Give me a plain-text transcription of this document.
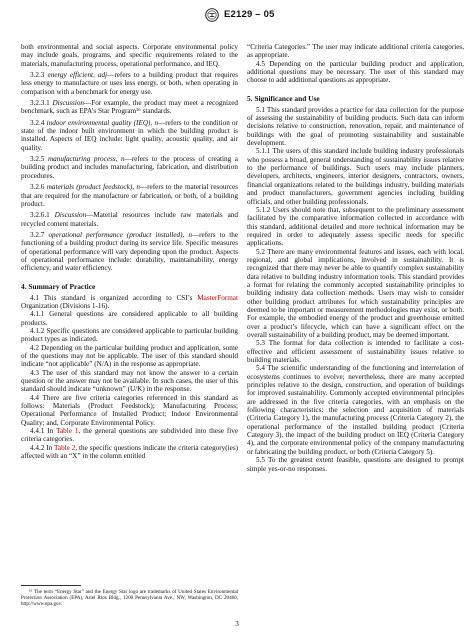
E2129 – 05

both environmental and social aspects. Corporate environmental policy may include goals, programs, and specific requirements related to the materials, manufacturing process, operational performance, and IEQ.

3.2.3 energy efficient, adj—refers to a building product that requires less energy to manufacture or uses less energy, or both, when operating in comparison with a benchmark for energy use.

3.2.3.1 Discussion—For example, the product may meet a recognized benchmark, such as EPA’s Star Program¹⁶ standards.

3.2.4 indoor environmental quality (IEQ), n—refers to the condition or state of the indoor built environment in which the building product is installed. Aspects of IEQ include: light quality, acoustic quality, and air quality.

3.2.5 manufacturing process, n—refers to the process of creating a building product and includes manufacturing, fabrication, and distribution procedures.

3.2.6 materials (product feedstock), n—refers to the material resources that are required for the manufacture or fabrication, or both, of a building product.

3.2.6.1 Discussion—Material resources include raw materials and recycled content materials.

3.2.7 operational performance (product installed), n—refers to the functioning of a building product during its service life. Specific measures of operational performance will vary depending upon the product. Aspects of operational performance include: durability, maintainability, energy efficiency, and water efficiency.

4. Summary of Practice

4.1 This standard is organized according to CSI’s MasterFormat Organization (Divisions 1-16).

4.1.1 General questions are considered applicable to all building products.

4.1.2 Specific questions are considered applicable to particular building product types as indicated.

4.2 Depending on the particular building product and application, some of the questions may not be applicable. The user of this standard should indicate “not applicable” (N/A) in the response as appropriate.

4.3 The user of this standard may not know the answer to a certain question or the answer may not be available. In such cases, the user of this standard should indicate “unknown” (U/K) in the response.

4.4 There are five criteria categories referenced in this standard as follows: Materials (Product Feedstock); Manufacturing Process; Operational Performance of Installed Product; Indoor Environmental Quality; and, Corporate Environmental Policy.

4.4.1 In Table 1, the general questions are subdivided into these five criteria categories.

4.4.2 In Table 2, the specific questions indicate the criteria category(ies) affected with an “X” in the column entitled

“Criteria Categories.” The user may indicate additional criteria categories, as appropriate.

4.5 Depending on the particular building product and application, additional questions may be necessary. The user of this standard may choose to add additional questions as appropriate.

5. Significance and Use

5.1 This standard provides a practice for data collection for the purpose of assessing the sustainability of building products. Such data can inform decisions relative to construction, renovation, repair, and maintenance of buildings with the goal of promoting sustainability and sustainable development.

5.1.1 The users of this standard include building industry professionals who possess a broad, general understanding of sustainability issues relative to the performance of buildings. Such users may include planners, developers, architects, engineers, interior designers, contractors, owners, financial organizations related to the buildings industry, building materials and product manufacturers, government agencies including building officials, and other building professionals.

5.1.2 Users should note that, subsequent to the preliminary assessment facilitated by the comparative information collected in accordance with this standard, additional detailed and more technical information may be required in order to adequately assess specific needs for specific applications.

5.2 There are many environmental features and issues, each with local, regional, and global implications, involved in sustainability. It is recognized that there may never be able to quantify complex sustainability data relative to building industry information tools. This standard provides a format for relating the commonly accepted sustainability principles to building industry data collection methods. Users may wish to consider other building product attributes for which sustainability principles are deemed to be important or measurement methodologies may exist, or both. For example, the embodied energy of the product and greenhouse emitted over a product’s lifecycle, which can have a significant effect on the overall sustainability of a building product, may be deemed important.

5.3 The format for data collection is intended to facilitate a cost-effective and efficient assessment of sustainability issues relative to building materials.

5.4 The scientific understanding of the functioning and interrelation of ecosystems continues to evolve; nevertheless, there are many accepted principles relative to the design, construction, and operation of buildings for improved sustainability. Commonly accepted environmental principles are addressed in the five criteria categories, with an emphasis on the following characteristics: the selection and acquisition of materials (Criteria Category 1), the manufacturing process (Criteria Category 2), the operational performance of the installed building product (Criteria Category 3), the impact of the building product on IEQ (Criteria Category 4), and the corporate environmental policy of the company manufacturing or fabricating the building product, or both (Criteria Category 5).

5.5 To the greatest extent feasible, questions are designed to prompt simple yes-or-no responses.

¹⁶ The term “Energy Star” and the Energy Star logo are trademarks of United States Environmental Protection Association (EPA), Ariel Rios Bldg., 1200 Pennsylvania Ave., NW, Washington, DC 20460, http://www.epa.gov.

3
